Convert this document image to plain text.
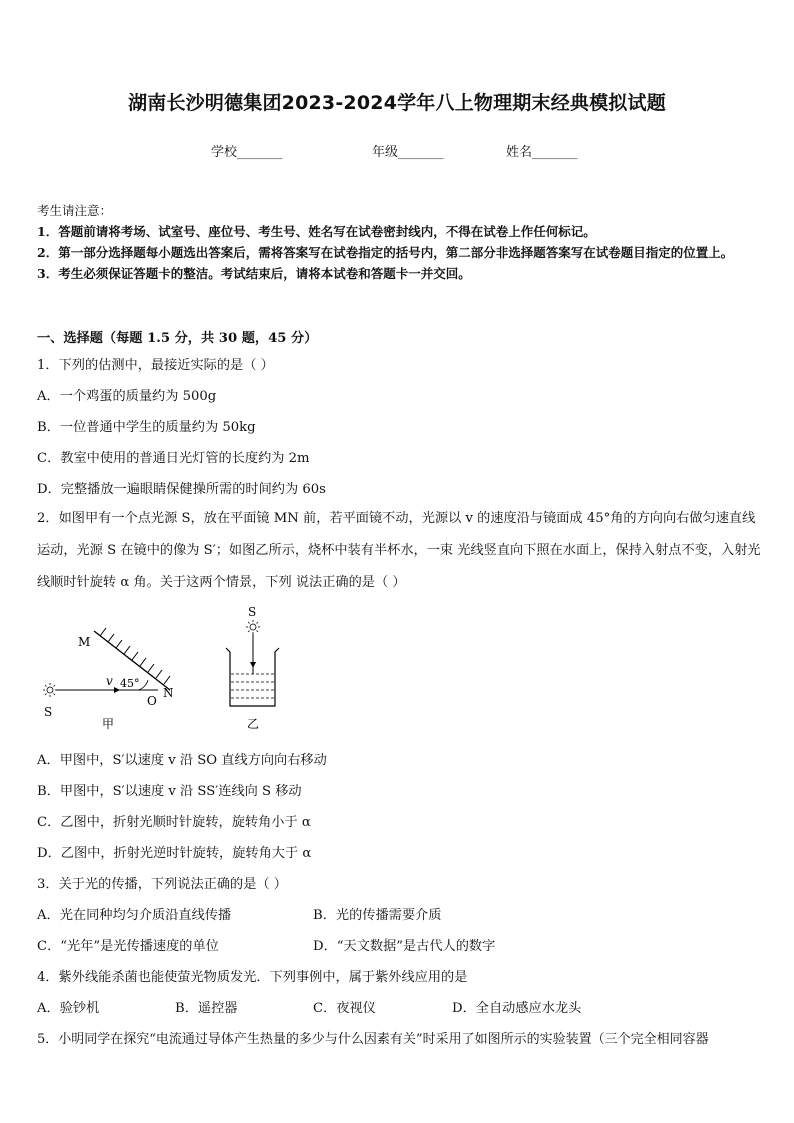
湖南长沙明德集团2023-2024学年八上物理期末经典模拟试题
学校_______	年级_______	姓名_______
考生请注意：
1．答题前请将考场、试室号、座位号、考生号、姓名写在试卷密封线内，不得在试卷上作任何标记。
2．第一部分选择题每小题选出答案后，需将答案写在试卷指定的括号内，第二部分非选择题答案写在试卷题目指定的位置上。
3．考生必须保证答题卡的整洁。考试结束后，请将本试卷和答题卡一并交回。
一、选择题（每题 1.5 分，共 30 题，45 分）
1．下列的估测中，最接近实际的是（ ）
A．一个鸡蛋的质量约为 500g
B．一位普通中学生的质量约为 50kg
C．教室中使用的普通日光灯管的长度约为 2m
D．完整播放一遍眼睛保健操所需的时间约为 60s
2．如图甲有一个点光源 S，放在平面镜 MN 前，若平面镜不动，光源以 v 的速度沿与镜面成 45°角的方向向右做匀速直线运动，光源 S 在镜中的像为 S′；如图乙所示，烧杯中装有半杯水，一束 光线竖直向下照在水面上，保持入射点不变，入射光线顺时针旋转 α 角。关于这两个情景，下列 说法正确的是（ ）
M
N
O
S
v 45°
甲
S
乙
A．甲图中，S′以速度 v 沿 SO 直线方向向右移动
B．甲图中，S′以速度 v 沿 SS′连线向 S 移动
C．乙图中，折射光顺时针旋转，旋转角小于 α
D．乙图中，折射光逆时针旋转，旋转角大于 α
3．关于光的传播，下列说法正确的是（ ）
A．光在同种均匀介质沿直线传播	B．光的传播需要介质
C．“光年”是光传播速度的单位	D．“天文数据”是古代人的数字
4．紫外线能杀菌也能使萤光物质发光．下列事例中，属于紫外线应用的是
A．验钞机	B．遥控器	C．夜视仪	D．全自动感应水龙头
5．小明同学在探究“电流通过导体产生热量的多少与什么因素有关”时采用了如图所示的实验装置（三个完全相同容器
